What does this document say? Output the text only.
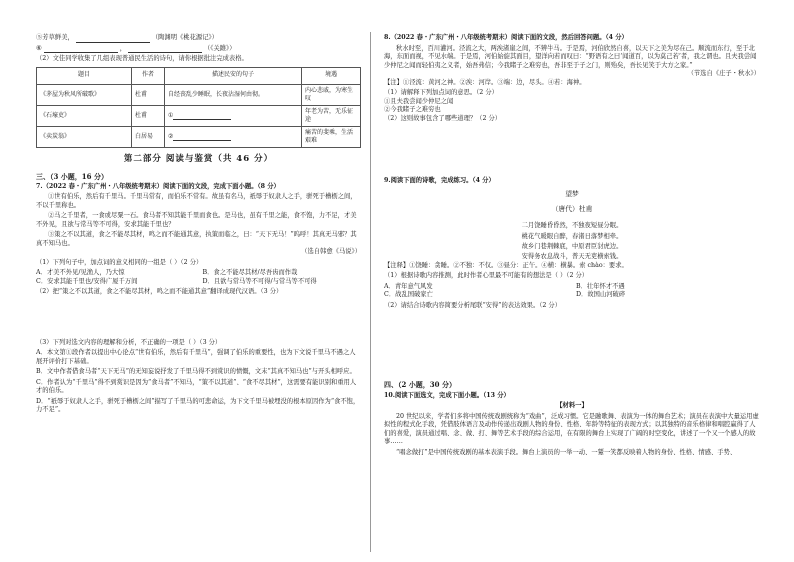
⑤芳草鲜美，	（陶渊明《桃花源记》）

⑥	，	（《关雎》）

（2）文佳同学收集了几组表现普通民生活的诗句，请你根据批注完成表格。

题目	作者	描述民安的句子	境遇
《茅屋为秋风所破歌》	杜甫	自经丧乱少睡眠，长夜沾湿何由彻。	内心悲戚，为寒生叹
《石壕吏》	杜甫	①	年老为苦，无乐征途
《卖炭翁》	白居易	②	痛苦的斐乘，生活艰难
第二部分 阅读与鉴赏（共 46 分）
三、（3 小题，16 分）

7.（2022 春・广东广州・八年级统考期末）阅读下面的文段，完成下面小题。（8 分）

①世有伯乐，然后有千里马。千里马常有，而伯乐不常有。故虽有名马，祇辱于奴隶人之手，骈死于槽枥之间，不以千里称也。

②马之千里者，一食或尽粟一石。食马者不知其能千里而食也。是马也，虽有千里之能，食不饱，力不足，才美不外见，且欲与常马等不可得，安求其能千里也？

③策之不以其道，食之不能尽其材，鸣之而不能通其意，执策而临之，曰：“天下无马！”呜呼！其真无马邪？其真不知马也。

（选自韩愈《马说》）

（1）下列句子中，加点词的意义相同的一组是（ ）（2 分）

A．才美不外见/见渔人，乃大惊	B．食之不能尽其材/尽吾齿而作哉
C．安求其能千里也/安得广厦千万间	D．且欲与常马等不可得/与常马等不可得

（2）把“策之不以其道，食之不能尽其材，鸣之而不能通其意”翻译成现代汉语。（3 分）

（3）下列对选文内容的理解和分析，不正确的一项是（ ）（3 分）

A．本文第①段作者以提出中心论点“世有伯乐，然后有千里马”，强调了伯乐的重要性，也为下文说千里马不遇之人展开评价打下基础。

B．文中作者借食马者“天下无马”的无知妄说抒发了千里马得不到赏识的愤慨，文末“其真不知马也”与开头相呼应。

C．作者认为“千里马”得不到赏识是因为“食马者”不知马，“策不以其道”、“食不尽其材”，这需要有能识别和重用人才的伯乐。

D．“祇辱于奴隶人之手，骈死于槽枥之间”描写了千里马的可悲命运，为下文千里马被埋没的根本原因作为“食不饱，力不足”。

8.（2022 春・广东广州・八年级统考期末）阅读下面的文段，然后回答问题。（4 分）

秋水时至，百川灌河。泾流之大，两涘渚崖之间，不辨牛马。于是焉，河伯欣然自喜，以天下之美为尽在己。顺流而东行，至于北海，东面而视，不见水端。于是焉，河伯始旋其面目，望洋向若而叹曰：“野语有之曰‘闻道百，以为莫己若’者，我之谓也。且夫我尝闻少仲尼之闻而轻伯夷之义者，始吾弗信；今我睹子之难穷也，吾非至于子之门，则殆矣，吾长见笑于大方之家。”

（节选自《庄子・秋水》）

【注】①泾流：黄河之神。②涘：河岸。③端：边，尽头。④若：海神。

（1）请解释下列加点词的意思。（2 分）

①且夫我尝闻少仲尼之闻

②今我睹子之难穷也

（2）这则故事包含了哪些道理？（2 分）

9.阅读下面的诗歌，完成练习。（4 分）

望梦

（唐代）杜甫

二月饶睡昏昏然，不独夜短昼分眠。
桃花气暖眼自醉，春渚日落梦相牵。
故乡门巷荆棘底，中原君臣豺虎边。
安得务农息战斗，普天无吏横索钱。

【注释】①饶睡：贪睡。②不独：不仅。③昼分：正午。④横：横暴。索 chào：要求。

（1）根据诗歌内容推测，此时作者心里最不可能有的想法是（ ）（2 分）

A．青年意气风发	B．壮年怀才不遇
C．战乱国破家亡	D．故国山河破碎

（2）请结合诗歌内容简要分析尾联“安得”的表达效果。（2 分）

四、（2 小题，30 分）

10.阅读下面选文，完成下面小题。（13 分）

【材料一】

20 世纪以来，学者们多将中国传统戏剧统称为“戏曲”，泛成习惯。它是融歌舞、表演为一体的舞台艺术；演员在表演中大量运用虚拟性的程式化手段，凭借肢体语言及动作传递出戏剧人物的身份、性格、年龄等特征的表现方式；以其独特的音乐格律和唱腔赢得了人们的喜爱，演员通过唱、念、做、打、舞等艺术手段的综合运用，在有限的舞台上实现了广阔的时空变化，讲述了一个又一个感人的故事……

“唱念做打”是中国传统戏剧的基本表演手段。舞台上演员的一举一动、一颦一笑都反映着人物的身份、性格、情感、手势、
